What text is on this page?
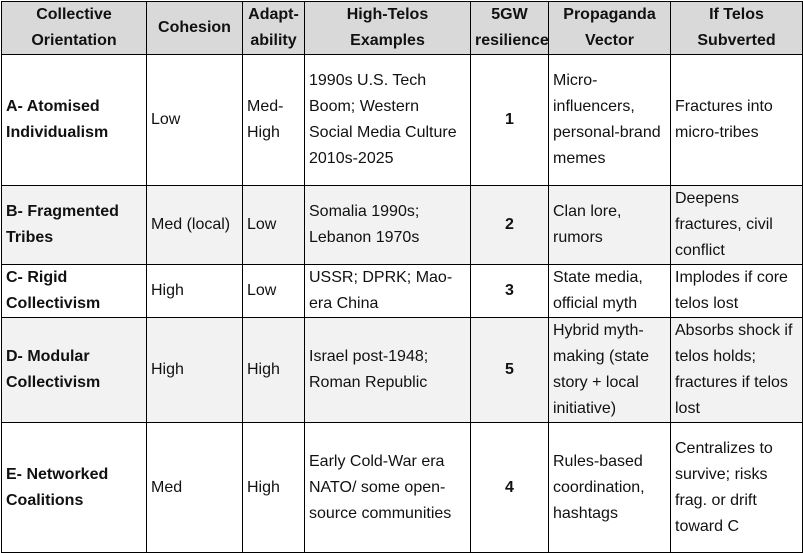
Collective Orientation	Cohesion	Adapt-ability	High-Telos Examples	5GW resilience	Propaganda Vector	If Telos Subverted
A- Atomised Individualism	Low	Med-High	1990s U.S. Tech Boom; Western Social Media Culture 2010s-2025	1	Micro-influencers, personal-brand memes	Fractures into micro-tribes
B- Fragmented Tribes	Med (local)	Low	Somalia 1990s; Lebanon 1970s	2	Clan lore, rumors	Deepens fractures, civil conflict
C- Rigid Collectivism	High	Low	USSR; DPRK; Mao-era China	3	State media, official myth	Implodes if core telos lost
D- Modular Collectivism	High	High	Israel post-1948; Roman Republic	5	Hybrid myth-making (state story + local initiative)	Absorbs shock if telos holds; fractures if telos lost
E- Networked Coalitions	Med	High	Early Cold-War era NATO/ some open-source communities	4	Rules-based coordination, hashtags	Centralizes to survive; risks frag. or drift toward C
